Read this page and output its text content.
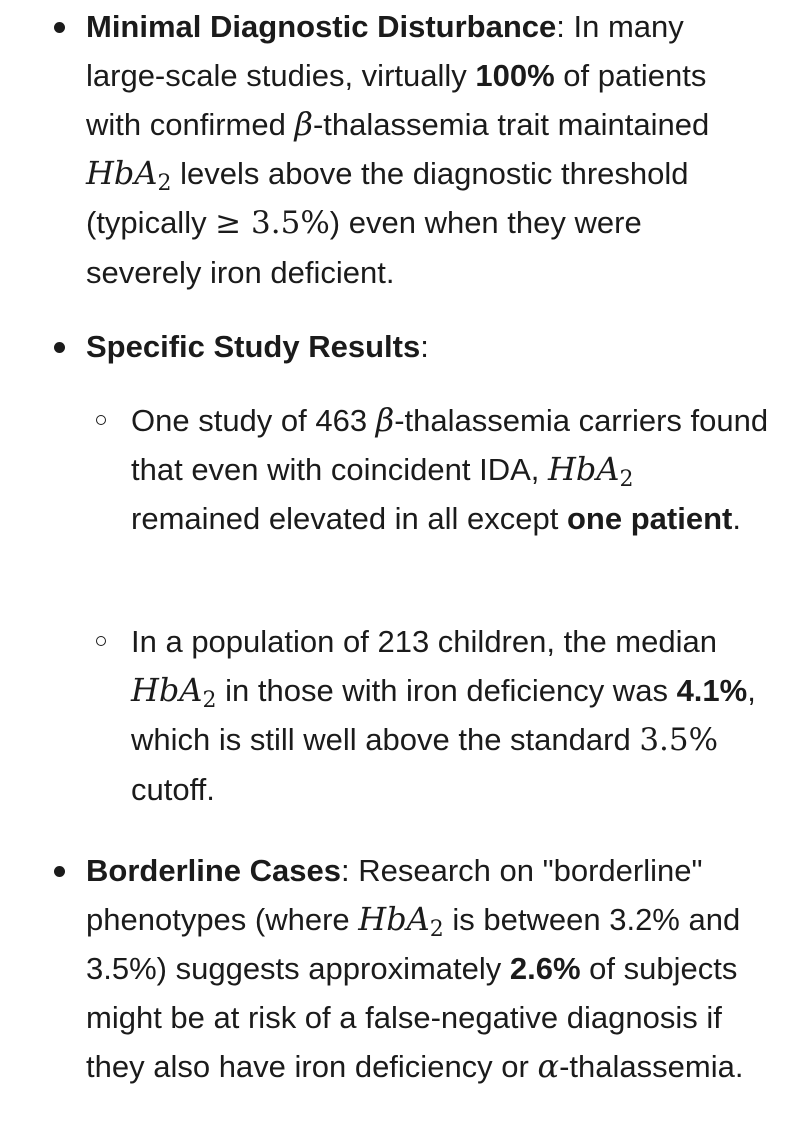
Minimal Diagnostic Disturbance: In many large-scale studies, virtually 100% of patients with confirmed β-thalassemia trait maintained HbA$_2$ levels above the diagnostic threshold (typically ≥ 3.5%) even when they were severely iron deficient.
Specific Study Results:
One study of 463 β-thalassemia carriers found that even with coincident IDA, HbA$_2$ remained elevated in all except one patient.
In a population of 213 children, the median HbA$_2$ in those with iron deficiency was 4.1%, which is still well above the standard 3.5% cutoff.
Borderline Cases: Research on "borderline" phenotypes (where HbA$_2$ is between 3.2% and 3.5%) suggests approximately 2.6% of subjects might be at risk of a false-negative diagnosis if they also have iron deficiency or α-thalassemia.
